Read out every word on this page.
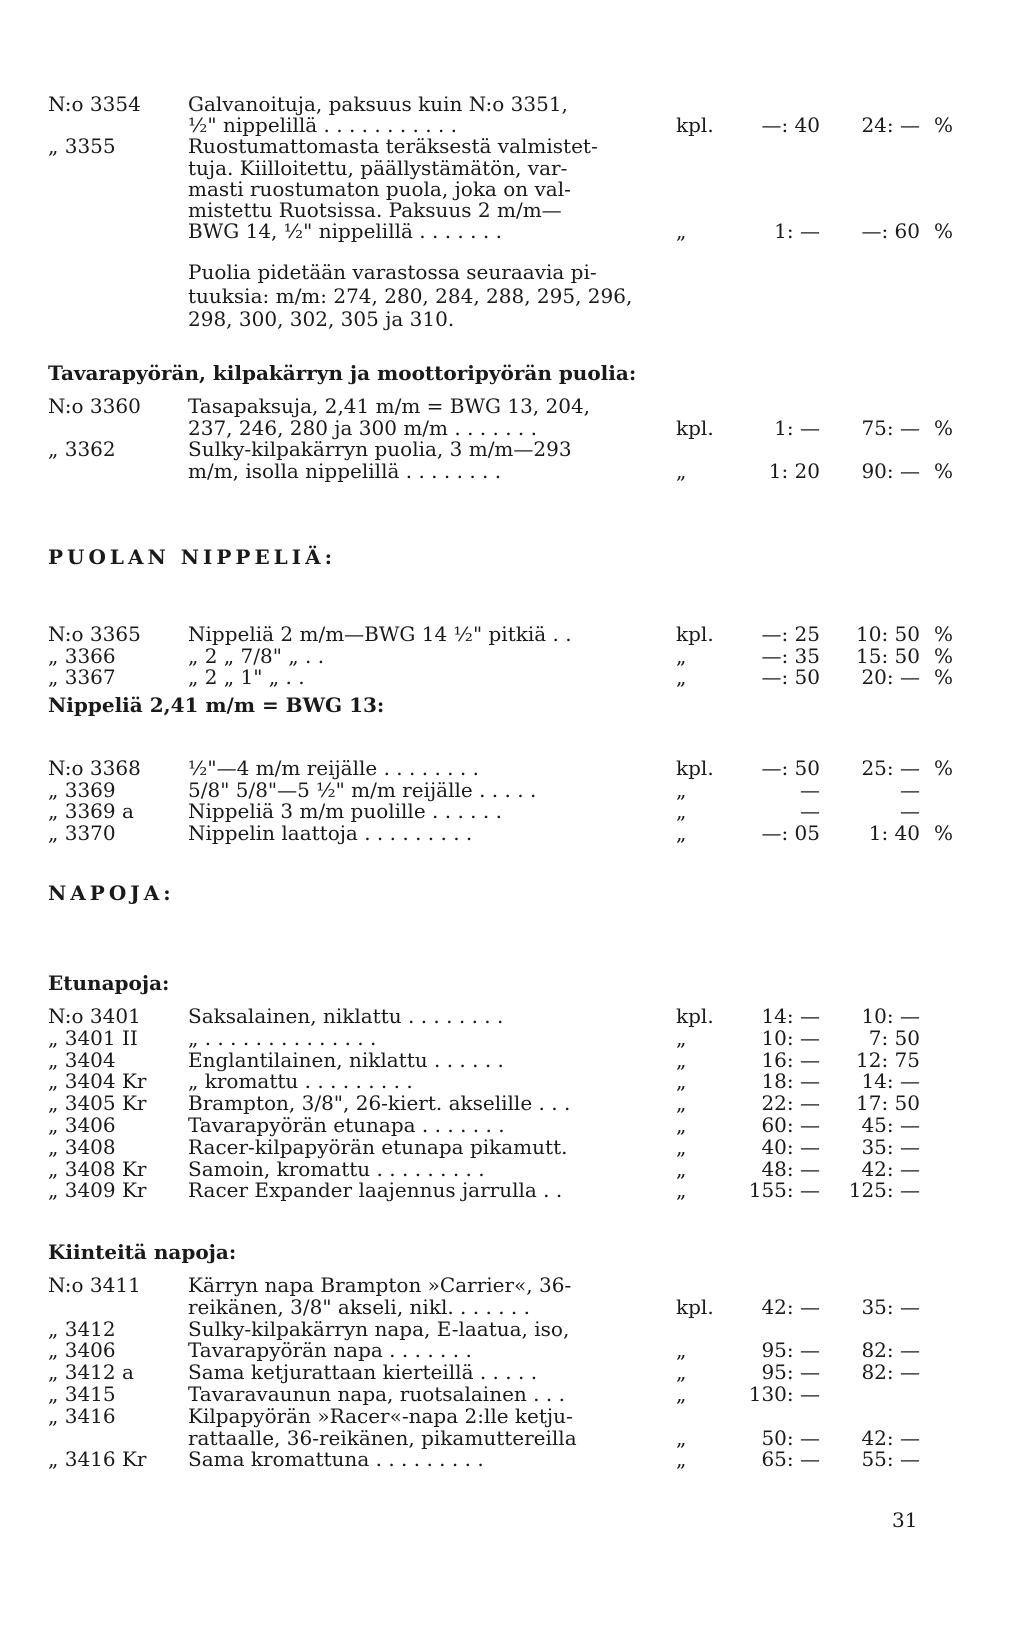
N:o 3354 Galvanoituja, paksuus kuin N:o 3351,
½" nippelillä . . . . . . . . . . .	kpl.	—: 40	24: — %
„ 3355	Ruostumattomasta teräksestä valmistet-
tuja. Kiilloitettu, päällystämätön, var-
masti ruostumaton puola, joka on val-
mistettu Ruotsissa. Paksuus 2 m/m—
BWG 14, ½" nippelillä . . . . . . .	„	1: —	—: 60 %
Puolia pidetään varastossa seuraavia pi-
tuuksia: m/m: 274, 280, 284, 288, 295, 296,
298, 300, 302, 305 ja 310.
Tavarapyörän, kilpakärryn ja moottoripyörän puolia:
N:o 3360 Tasapaksuja, 2,41 m/m = BWG 13, 204,
237, 246, 280 ja 300 m/m . . . . . . .	kpl.	1: —	75: — %
„ 3362	Sulky-kilpakärryn puolia, 3 m/m—293
m/m, isolla nippelillä . . . . . . . .	„	1: 20	90: — %
PUOLAN NIPPELIÄ:
N:o 3365 Nippeliä 2 m/m—BWG 14 ½" pitkiä . .	kpl.	—: 25	10: 50 %
„ 3366	„ 2 „ 7/8" „ . .	„	—: 35	15: 50 %
„ 3367	„ 2 „ 1" „ . .	„	—: 50	20: — %
Nippeliä 2,41 m/m = BWG 13:
N:o 3368 ½"—4 m/m reijälle . . . . . . . .	kpl.	—: 50	25: — %
„ 3369	5/8" 5/8"—5 ½" m/m reijälle . . . . .	„	—	—
„ 3369 a	Nippeliä 3 m/m puolille . . . . . .	„	—	—
„ 3370	Nippelin laattoja . . . . . . . . .	„	—: 05	1: 40 %
NAPOJA:
Etunapoja:
N:o 3401 Saksalainen, niklattu . . . . . . . .	kpl.	14: —	10: —
„ 3401 II	„ . . . . . . . . . . . . . .	„	10: —	7: 50
„ 3404	Englantilainen, niklattu . . . . . .	„	16: —	12: 75
„ 3404 Kr „ kromattu . . . . . . . . .	„	18: —	14: —
„ 3405 Kr Brampton, 3/8", 26-kiert. akselille . . .	„	22: —	17: 50
„ 3406	Tavarapyörän etunapa . . . . . . .	„	60: —	45: —
„ 3408	Racer-kilpapyörän etunapa pikamutt.	„	40: —	35: —
„ 3408 Kr Samoin, kromattu . . . . . . . . .	„	48: —	42: —
„ 3409 Kr Racer Expander laajennus jarrulla . .	„	155: —	125: —
Kiinteitä napoja:
N:o 3411 Kärryn napa Brampton »Carrier«, 36-
reikänen, 3/8" akseli, nikl. . . . . . .	kpl.	42: —	35: —
„ 3412	Sulky-kilpakärryn napa, E-laatua, iso,
„ 3406	Tavarapyörän napa . . . . . . .	„	95: —	82: —
„ 3412 a	Sama ketjurattaan kierteillä . . . . .	„	95: —	82: —
„ 3415	Tavaravaunun napa, ruotsalainen . . .	„	130: —
„ 3416	Kilpapyörän »Racer«-napa 2:lle ketju-
rattaalle, 36-reikänen, pikamuttereilla	„	50: —	42: —
„ 3416 Kr Sama kromattuna . . . . . . . . .	„	65: —	55: —
31
